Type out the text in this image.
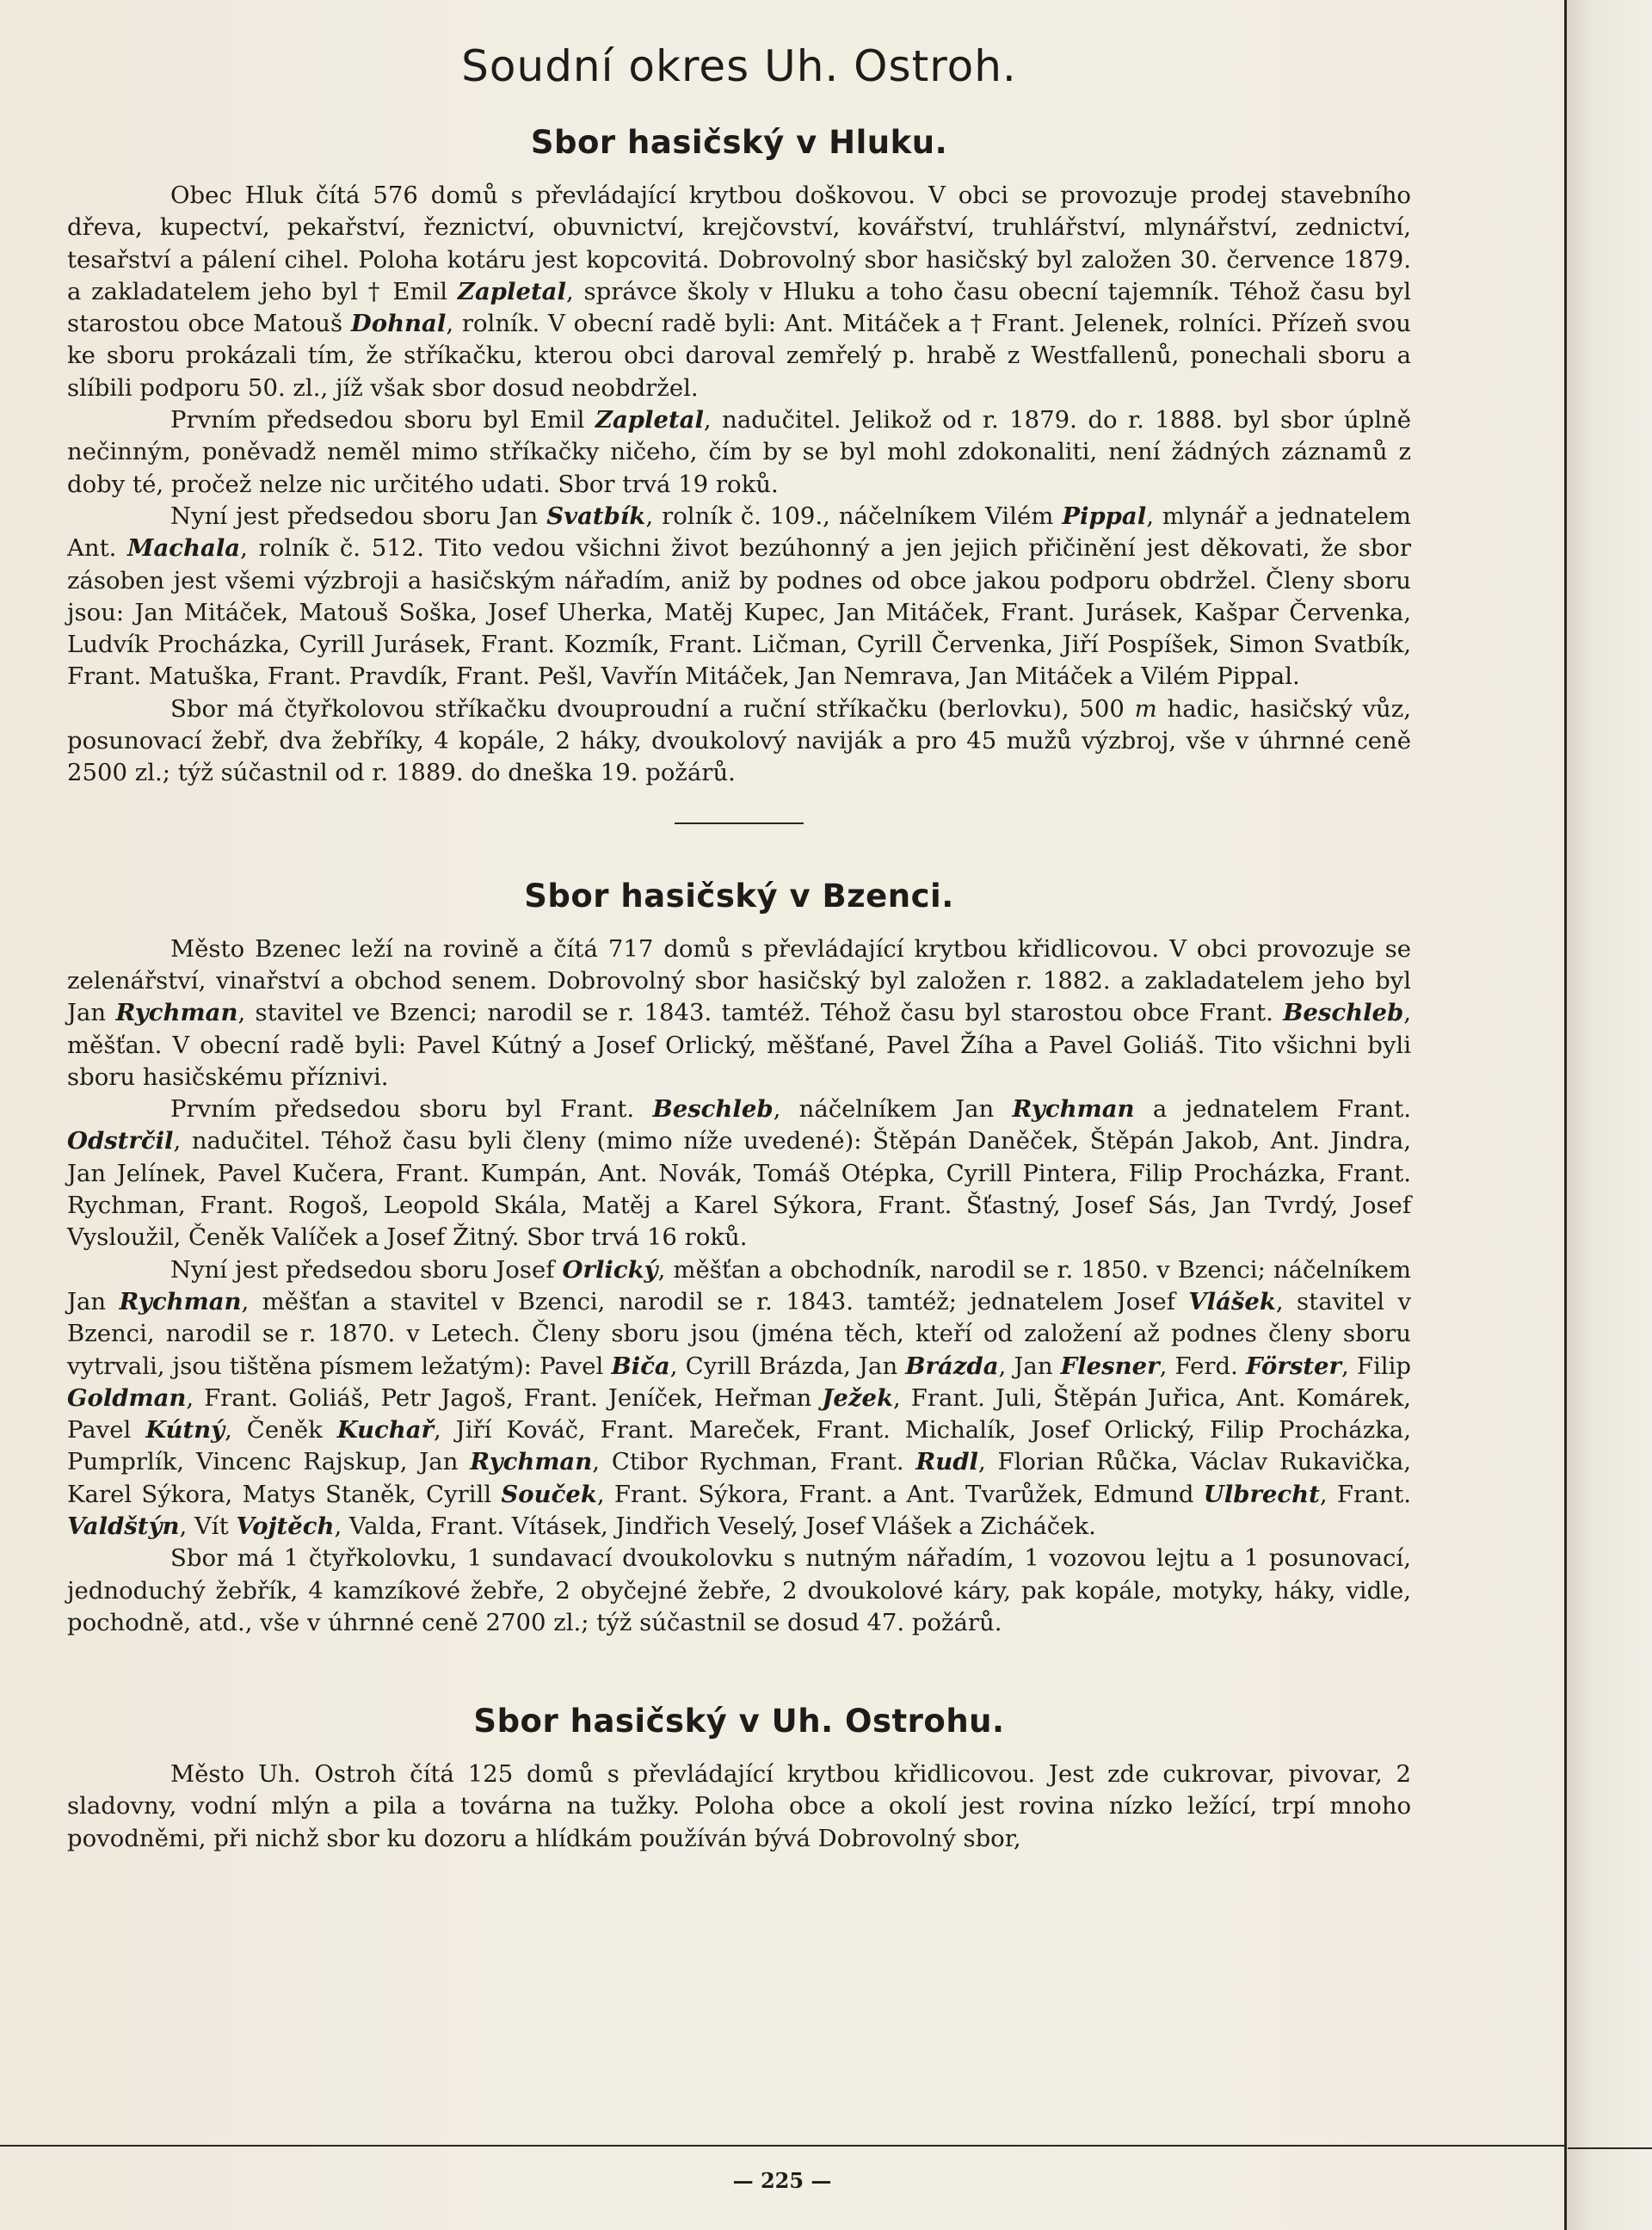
Soudní okres Uh. Ostroh.
Sbor hasičský v Hluku.

Obec Hluk čítá 576 domů s převládající krytbou doškovou. V obci se provozuje prodej stavebního dřeva, kupectví, pekařství, řeznictví, obuvnictví, krejčovství, kovářství, truhlářství, mlynářství, zednictví, tesařství a pálení cihel. Poloha kotáru jest kopcovitá. Dobrovolný sbor hasičský byl založen 30. července 1879. a zakladatelem jeho byl † Emil Zapletal, správce školy v Hluku a toho času obecní tajemník. Téhož času byl starostou obce Matouš Dohnal, rolník. V obecní radě byli: Ant. Mitáček a † Frant. Jelenek, rolníci. Přízeň svou ke sboru prokázali tím, že stříkačku, kterou obci daroval zemřelý p. hrabě z Westfallenů, ponechali sboru a slíbili podporu 50. zl., jíž však sbor dosud neobdržel.

Prvním předsedou sboru byl Emil Zapletal, nadučitel. Jelikož od r. 1879. do r. 1888. byl sbor úplně nečinným, poněvadž neměl mimo stříkačky ničeho, čím by se byl mohl zdokonaliti, není žádných záznamů z doby té, pročež nelze nic určitého udati. Sbor trvá 19 roků.

Nyní jest předsedou sboru Jan Svatbík, rolník č. 109., náčelníkem Vilém Pippal, mlynář a jednatelem Ant. Machala, rolník č. 512. Tito vedou všichni život bezúhonný a jen jejich přičinění jest děkovati, že sbor zásoben jest všemi výzbroji a hasičským nářadím, aniž by podnes od obce jakou podporu obdržel. Členy sboru jsou: Jan Mitáček, Matouš Soška, Josef Uherka, Matěj Kupec, Jan Mitáček, Frant. Jurásek, Kašpar Červenka, Ludvík Procházka, Cyrill Jurásek, Frant. Kozmík, Frant. Ličman, Cyrill Červenka, Jiří Pospíšek, Simon Svatbík, Frant. Matuška, Frant. Pravdík, Frant. Pešl, Vavřín Mitáček, Jan Nemrava, Jan Mitáček a Vilém Pippal.

Sbor má čtyřkolovou stříkačku dvouproudní a ruční stříkačku (berlovku), 500 m hadic, hasičský vůz, posunovací žebř, dva žebříky, 4 kopále, 2 háky, dvoukolový naviják a pro 45 mužů výzbroj, vše v úhrnné ceně 2500 zl.; týž súčastnil od r. 1889. do dneška 19. požárů.

Sbor hasičský v Bzenci.

Město Bzenec leží na rovině a čítá 717 domů s převládající krytbou křidlicovou. V obci provozuje se zelenářství, vinařství a obchod senem. Dobrovolný sbor hasičský byl založen r. 1882. a zakladatelem jeho byl Jan Rychman, stavitel ve Bzenci; narodil se r. 1843. tamtéž. Téhož času byl starostou obce Frant. Beschleb, měšťan. V obecní radě byli: Pavel Kútný a Josef Orlický, měšťané, Pavel Žíha a Pavel Goliáš. Tito všichni byli sboru hasičskému příznivi.

Prvním předsedou sboru byl Frant. Beschleb, náčelníkem Jan Rychman a jednatelem Frant. Odstrčil, nadučitel. Téhož času byli členy (mimo níže uvedené): Štěpán Daněček, Štěpán Jakob, Ant. Jindra, Jan Jelínek, Pavel Kučera, Frant. Kumpán, Ant. Novák, Tomáš Otépka, Cyrill Pintera, Filip Procházka, Frant. Rychman, Frant. Rogoš, Leopold Skála, Matěj a Karel Sýkora, Frant. Šťastný, Josef Sás, Jan Tvrdý, Josef Vysloužil, Čeněk Valíček a Josef Žitný. Sbor trvá 16 roků.

Nyní jest předsedou sboru Josef Orlický, měšťan a obchodník, narodil se r. 1850. v Bzenci; náčelníkem Jan Rychman, měšťan a stavitel v Bzenci, narodil se r. 1843. tamtéž; jednatelem Josef Vlášek, stavitel v Bzenci, narodil se r. 1870. v Letech. Členy sboru jsou (jména těch, kteří od založení až podnes členy sboru vytrvali, jsou tištěna písmem ležatým): Pavel Biča, Cyrill Brázda, Jan Brázda, Jan Flesner, Ferd. Förster, Filip Goldman, Frant. Goliáš, Petr Jagoš, Frant. Jeníček, Heřman Ježek, Frant. Juli, Štěpán Juřica, Ant. Komárek, Pavel Kútný, Čeněk Kuchař, Jiří Kováč, Frant. Mareček, Frant. Michalík, Josef Orlický, Filip Procházka, Pumprlík, Vincenc Rajskup, Jan Rychman, Ctibor Rychman, Frant. Rudl, Florian Růčka, Václav Rukavička, Karel Sýkora, Matys Staněk, Cyrill Souček, Frant. Sýkora, Frant. a Ant. Tvarůžek, Edmund Ulbrecht, Frant. Valdštýn, Vít Vojtěch, Valda, Frant. Vításek, Jindřich Veselý, Josef Vlášek a Zicháček.

Sbor má 1 čtyřkolovku, 1 sundavací dvoukolovku s nutným nářadím, 1 vozovou lejtu a 1 posunovací, jednoduchý žebřík, 4 kamzíkové žebře, 2 obyčejné žebře, 2 dvoukolové káry, pak kopále, motyky, háky, vidle, pochodně, atd., vše v úhrnné ceně 2700 zl.; týž súčastnil se dosud 47. požárů.

Sbor hasičský v Uh. Ostrohu.

Město Uh. Ostroh čítá 125 domů s převládající krytbou křidlicovou. Jest zde cukrovar, pivovar, 2 sladovny, vodní mlýn a pila a továrna na tužky. Poloha obce a okolí jest rovina nízko ležící, trpí mnoho povodněmi, při nichž sbor ku dozoru a hlídkám používán bývá Dobrovolný sbor,

— 225 —
